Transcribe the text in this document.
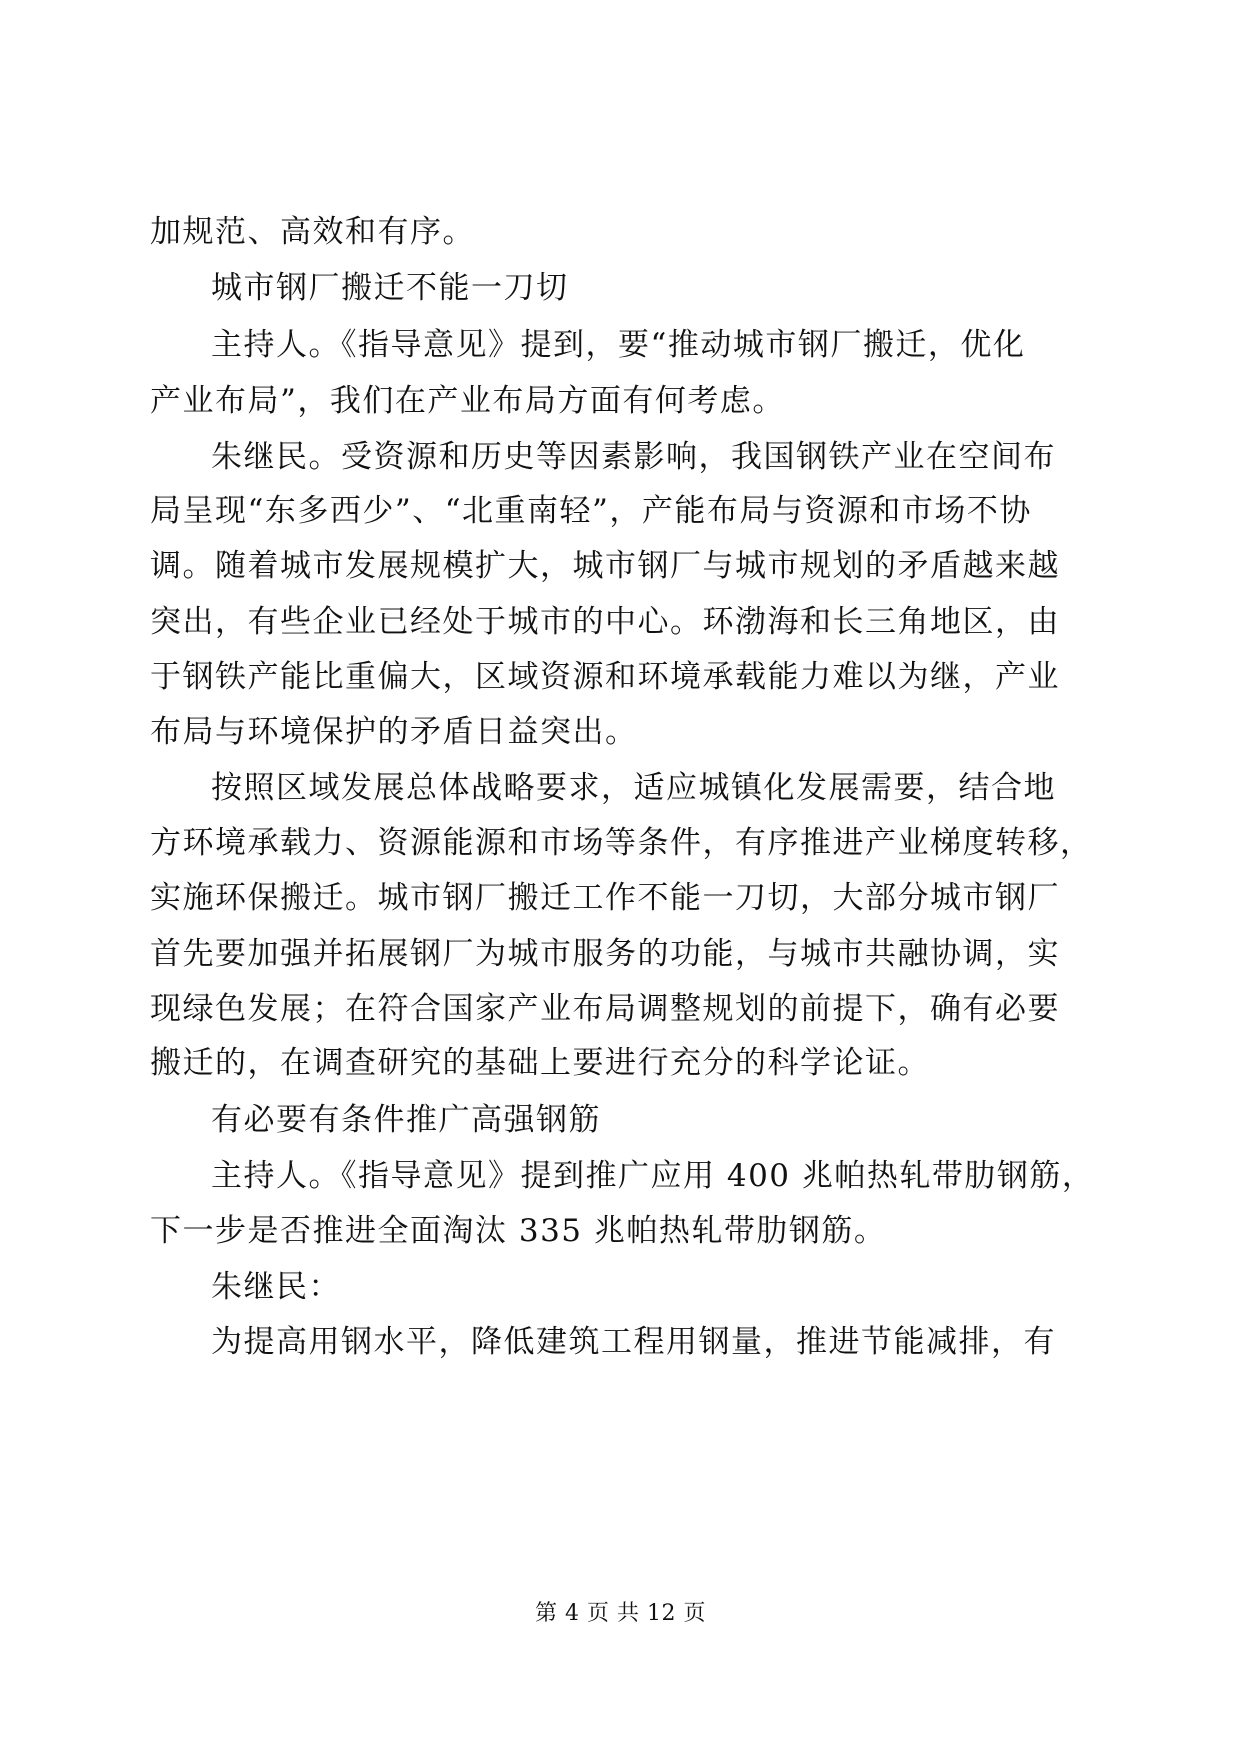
加规范、高效和有序。
城市钢厂搬迁不能一刀切
主持人。《指导意见》提到，要“推动城市钢厂搬迁，优化
产业布局”，我们在产业布局方面有何考虑。
朱继民。受资源和历史等因素影响，我国钢铁产业在空间布
局呈现“东多西少”、“北重南轻”，产能布局与资源和市场不协
调。随着城市发展规模扩大，城市钢厂与城市规划的矛盾越来越
突出，有些企业已经处于城市的中心。环渤海和长三角地区，由
于钢铁产能比重偏大，区域资源和环境承载能力难以为继，产业
布局与环境保护的矛盾日益突出。
按照区域发展总体战略要求，适应城镇化发展需要，结合地
方环境承载力、资源能源和市场等条件，有序推进产业梯度转移，
实施环保搬迁。城市钢厂搬迁工作不能一刀切，大部分城市钢厂
首先要加强并拓展钢厂为城市服务的功能，与城市共融协调，实
现绿色发展；在符合国家产业布局调整规划的前提下，确有必要
搬迁的，在调查研究的基础上要进行充分的科学论证。
有必要有条件推广高强钢筋
主持人。《指导意见》提到推广应用 400 兆帕热轧带肋钢筋，
下一步是否推进全面淘汰 335 兆帕热轧带肋钢筋。
朱继民：
为提高用钢水平，降低建筑工程用钢量，推进节能减排，有
第 4 页 共 12 页
